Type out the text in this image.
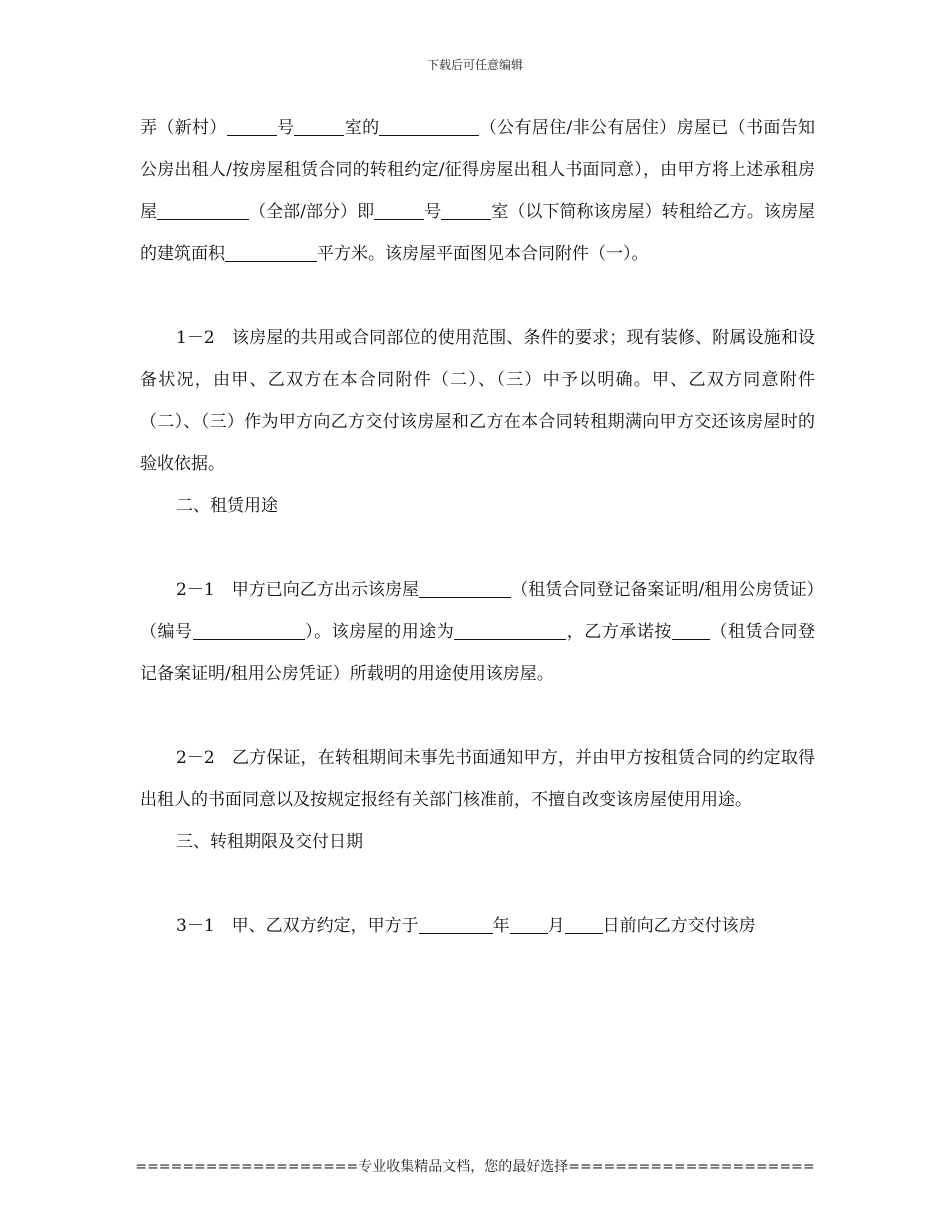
下载后可任意编辑

弄（新村）	号	室的	（公有居住/非公有居住）房屋已（书面告知公房出租人/按房屋租赁合同的转租约定/征得房屋出租人书面同意），由甲方将上述承租房屋	（全部/部分）即	号	室（以下简称该房屋）转租给乙方。该房屋的建筑面积	平方米。该房屋平面图见本合同附件（一）。

1－2　该房屋的共用或合同部位的使用范围、条件的要求；现有装修、附属设施和设备状况，由甲、乙双方在本合同附件（二）、（三）中予以明确。甲、乙双方同意附件（二）、（三）作为甲方向乙方交付该房屋和乙方在本合同转租期满向甲方交还该房屋时的验收依据。

二、租赁用途

2－1　甲方已向乙方出示该房屋	（租赁合同登记备案证明/租用公房赁证）（编号	）。该房屋的用途为	，乙方承诺按 （租赁合同登记备案证明/租用公房凭证）所载明的用途使用该房屋。

2－2　乙方保证，在转租期间未事先书面通知甲方，并由甲方按租赁合同的约定取得出租人的书面同意以及按规定报经有关部门核准前，不擅自改变该房屋使用用途。

三、转租期限及交付日期

3－1　甲、乙双方约定，甲方于	年 月 日前向乙方交付该房

===================专业收集精品文档，您的最好选择=====================
